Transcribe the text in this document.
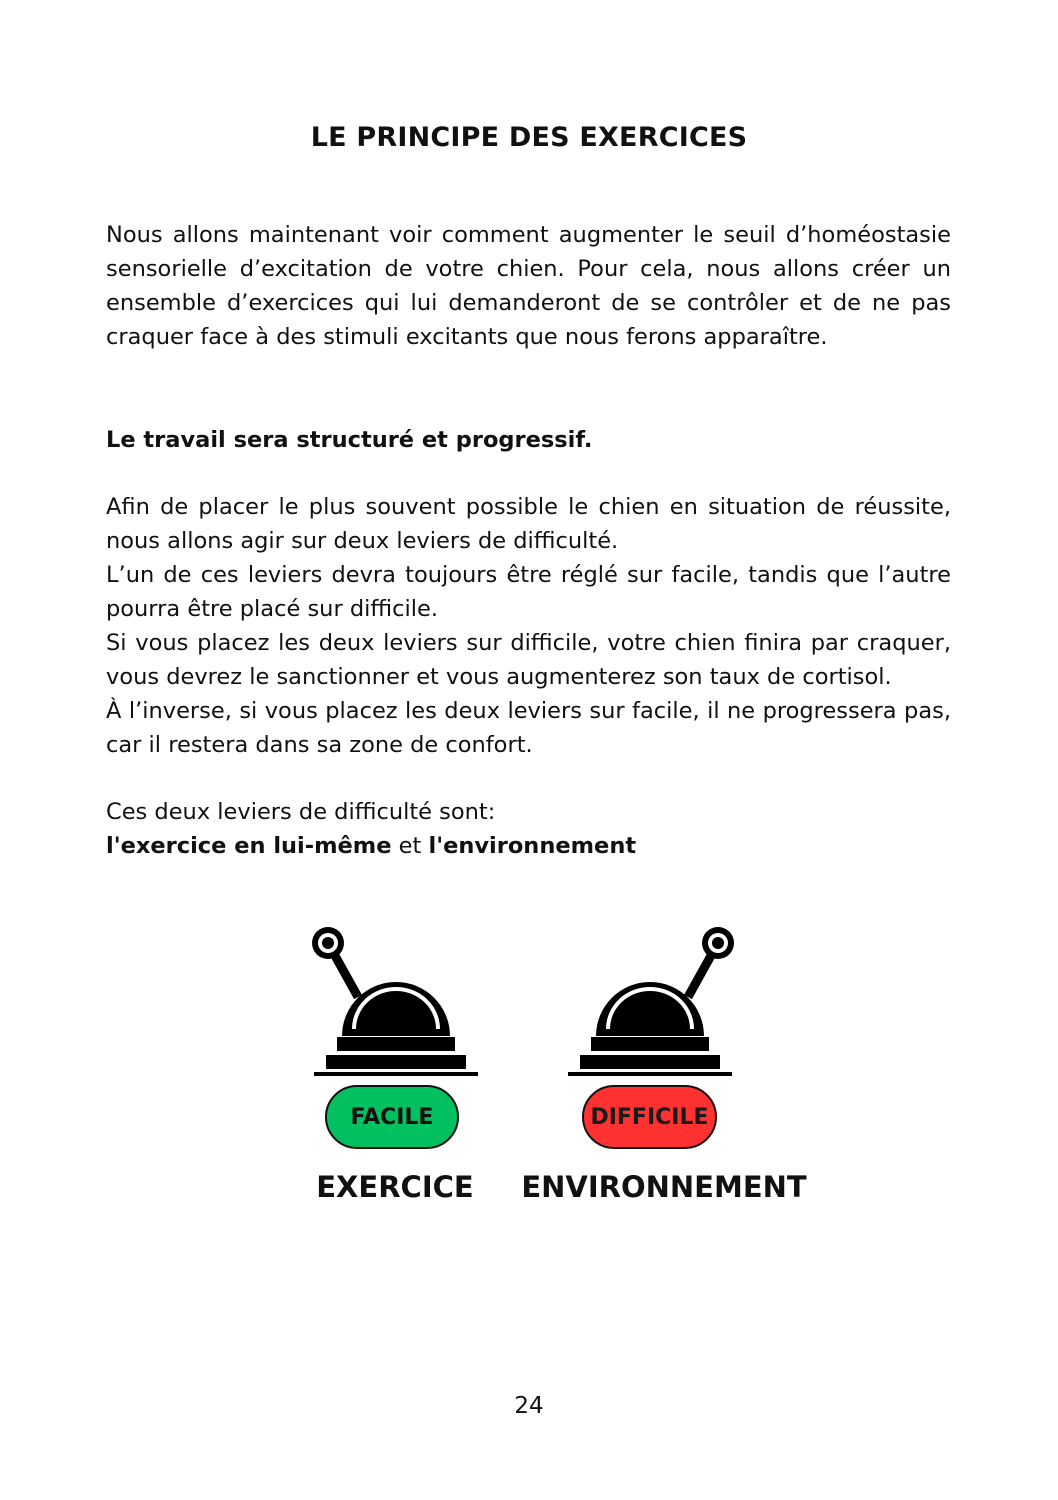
LE PRINCIPE DES EXERCICES
Nous allons maintenant voir comment augmenter le seuil d’homéostasie sensorielle d’excitation de votre chien. Pour cela, nous allons créer un ensemble d’exercices qui lui demanderont de se contrôler et de ne pas craquer face à des stimuli excitants que nous ferons apparaître.
Le travail sera structuré et progressif.
Afin de placer le plus souvent possible le chien en situation de réussite, nous allons agir sur deux leviers de difficulté.
L’un de ces leviers devra toujours être réglé sur facile, tandis que l’autre pourra être placé sur difficile.
Si vous placez les deux leviers sur difficile, votre chien finira par craquer, vous devrez le sanctionner et vous augmenterez son taux de cortisol.
À l’inverse, si vous placez les deux leviers sur facile, il ne progressera pas, car il restera dans sa zone de confort.
Ces deux leviers de difficulté sont:
l'exercice en lui-même et l'environnement
FACILE	DIFFICILE
EXERCICE	ENVIRONNEMENT
24
